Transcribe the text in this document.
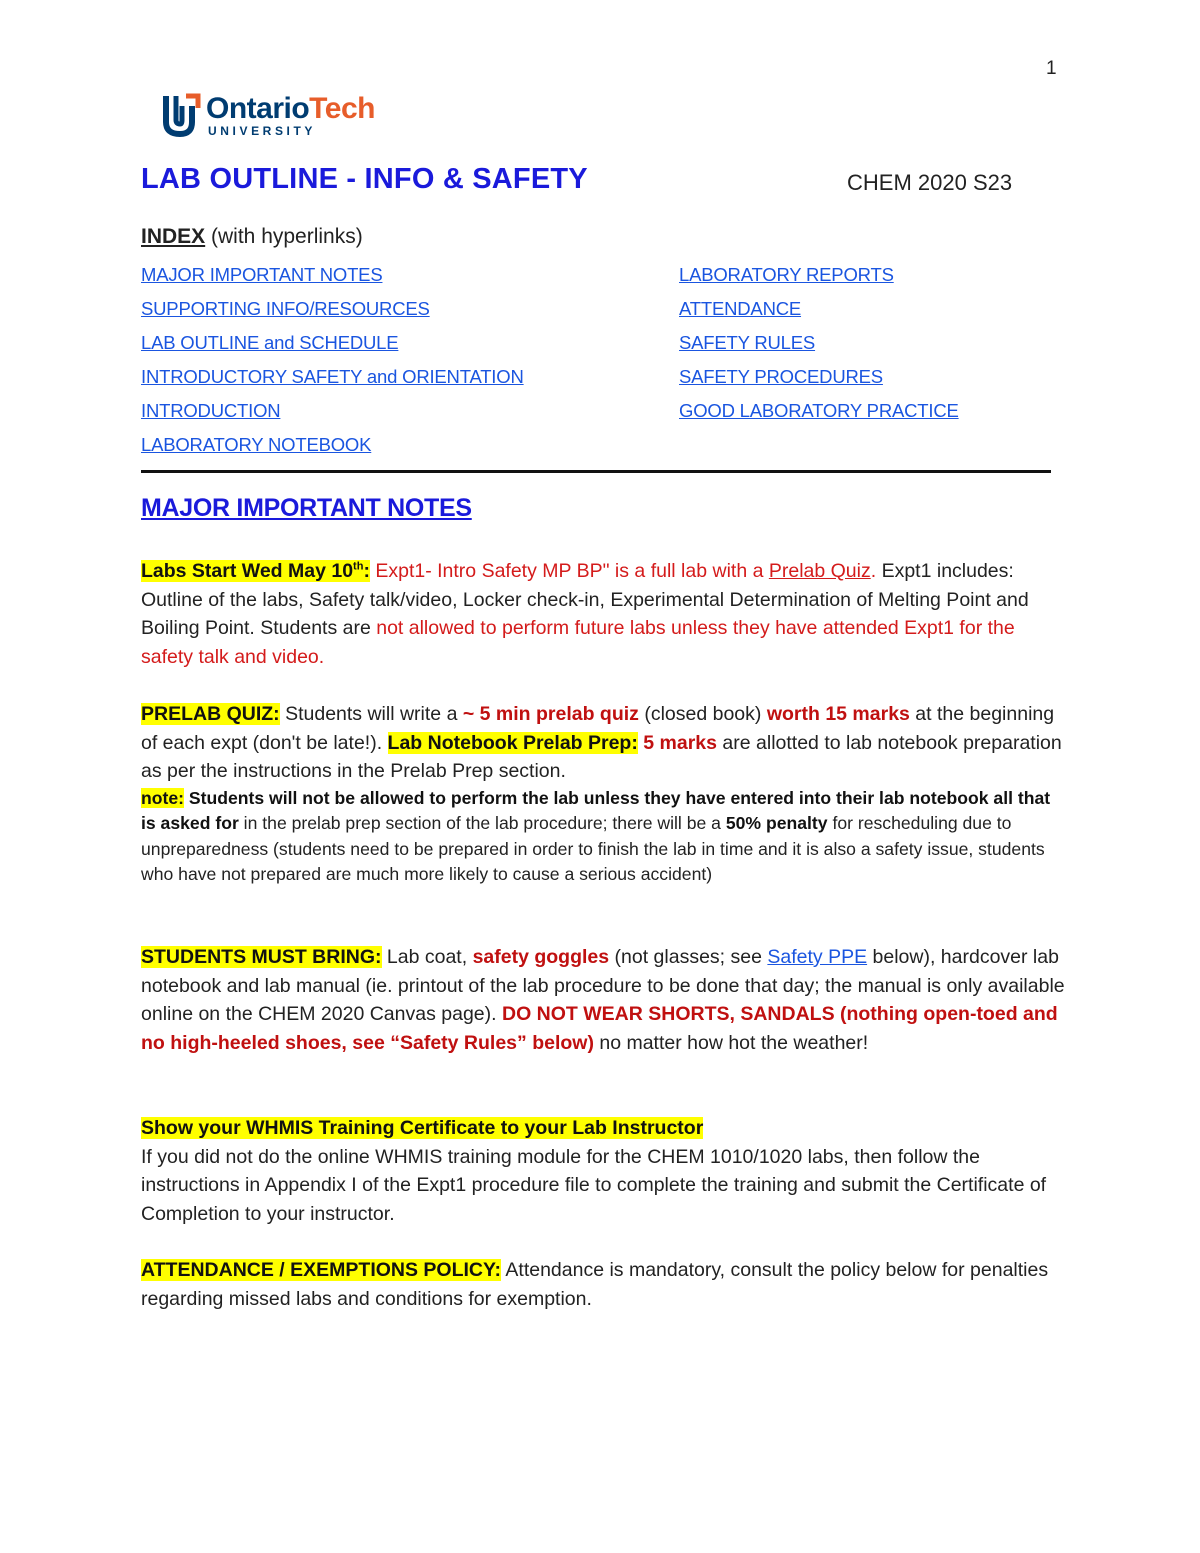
1
OntarioTech
UNIVERSITY
LAB OUTLINE - INFO & SAFETY	CHEM 2020 S23
INDEX (with hyperlinks)
MAJOR IMPORTANT NOTES
SUPPORTING INFO/RESOURCES
LAB OUTLINE and SCHEDULE
INTRODUCTORY SAFETY and ORIENTATION
INTRODUCTION
LABORATORY NOTEBOOK
LABORATORY REPORTS
ATTENDANCE
SAFETY RULES
SAFETY PROCEDURES
GOOD LABORATORY PRACTICE
MAJOR IMPORTANT NOTES
Labs Start Wed May 10th: Expt1- Intro Safety MP BP" is a full lab with a Prelab Quiz. Expt1 includes: Outline of the labs, Safety talk/video, Locker check-in, Experimental Determination of Melting Point and Boiling Point. Students are not allowed to perform future labs unless they have attended Expt1 for the safety talk and video.
PRELAB QUIZ: Students will write a ~ 5 min prelab quiz (closed book) worth 15 marks at the beginning of each expt (don't be late!). Lab Notebook Prelab Prep: 5 marks are allotted to lab notebook preparation as per the instructions in the Prelab Prep section.
note: Students will not be allowed to perform the lab unless they have entered into their lab notebook all that is asked for in the prelab prep section of the lab procedure; there will be a 50% penalty for rescheduling due to unpreparedness (students need to be prepared in order to finish the lab in time and it is also a safety issue, students who have not prepared are much more likely to cause a serious accident)
STUDENTS MUST BRING: Lab coat, safety goggles (not glasses; see Safety PPE below), hardcover lab notebook and lab manual (ie. printout of the lab procedure to be done that day; the manual is only available online on the CHEM 2020 Canvas page). DO NOT WEAR SHORTS, SANDALS (nothing open-toed and no high-heeled shoes, see “Safety Rules” below) no matter how hot the weather!
Show your WHMIS Training Certificate to your Lab Instructor
If you did not do the online WHMIS training module for the CHEM 1010/1020 labs, then follow the instructions in Appendix I of the Expt1 procedure file to complete the training and submit the Certificate of Completion to your instructor.
ATTENDANCE / EXEMPTIONS POLICY: Attendance is mandatory, consult the policy below for penalties regarding missed labs and conditions for exemption.
